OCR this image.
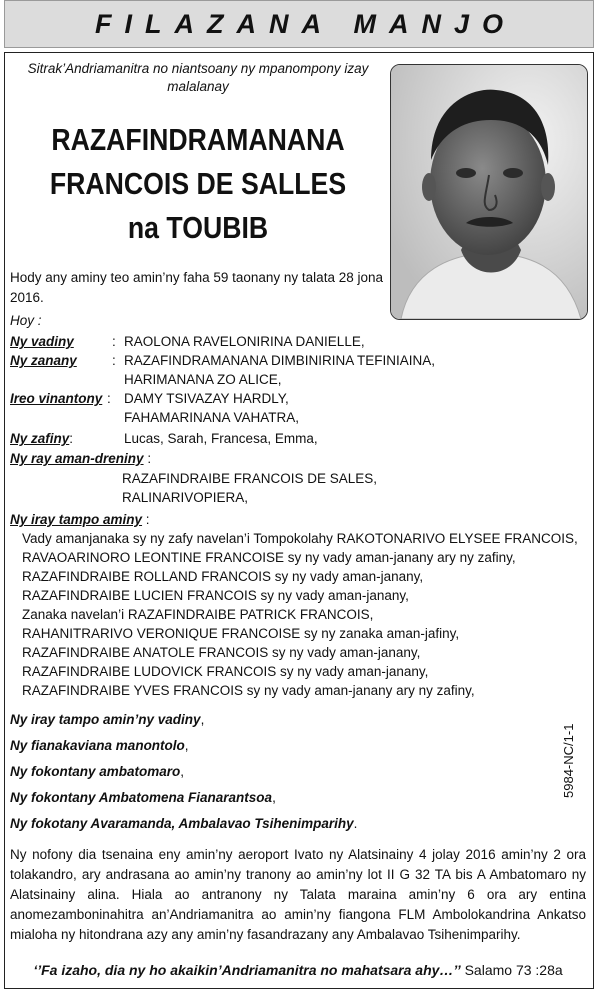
FILAZANA MANJO
Sitrak’Andriamanitra no niantsoany ny mpanompony izay malalanay
RAZAFINDRAMANANA
FRANCOIS DE SALLES
na TOUBIB
Hody any aminy teo amin’ny faha 59 taonany ny talata 28 jona 2016.
Hoy :
Ny vadiny	: RAOLONA RAVELONIRINA DANIELLE,
Ny zanany	: RAZAFINDRAMANANA DIMBINIRINA TEFINIAINA,
HARIMANANA ZO ALICE,
Ireo vinantony : DAMY TSIVAZAY HARDLY,
FAHAMARINANA VAHATRA,
Ny zafiny:	Lucas, Sarah, Francesa, Emma,
Ny ray aman-dreniny :
RAZAFINDRAIBE FRANCOIS DE SALES,
RALINARIVOPIERA,
Ny iray tampo aminy :
Vady amanjanaka sy ny zafy navelan’i Tompokolahy RAKOTONARIVO ELYSEE FRANCOIS,
RAVAOARINORO LEONTINE FRANCOISE sy ny vady aman-janany ary ny zafiny,
RAZAFINDRAIBE ROLLAND FRANCOIS sy ny vady aman-janany,
RAZAFINDRAIBE LUCIEN FRANCOIS sy ny vady aman-janany,
Zanaka navelan’i RAZAFINDRAIBE PATRICK FRANCOIS,
RAHANITRARIVO VERONIQUE FRANCOISE sy ny zanaka aman-jafiny,
RAZAFINDRAIBE ANATOLE FRANCOIS sy ny vady aman-janany,
RAZAFINDRAIBE LUDOVICK FRANCOIS sy ny vady aman-janany,
RAZAFINDRAIBE YVES FRANCOIS sy ny vady aman-janany ary ny zafiny,
Ny iray tampo amin’ny vadiny,
Ny fianakaviana manontolo,
Ny fokontany ambatomaro,
Ny fokontany Ambatomena Fianarantsoa,
Ny fokotany Avaramanda, Ambalavao Tsihenimparihy.
5984-NC/1-1
Ny nofony dia tsenaina eny amin’ny aeroport Ivato ny Alatsinainy 4 jolay 2016 amin’ny 2 ora tolakandro, ary andrasana ao amin’ny tranony ao amin’ny lot II G 32 TA bis A Ambatomaro ny Alatsinainy alina. Hiala ao antranony ny Talata maraina amin’ny 6 ora ary entina anomezamboninahitra an’Andriamanitra ao amin’ny fiangona FLM Ambolokandrina Ankatso mialoha ny hitondrana azy any amin’ny fasandrazany any Ambalavao Tsihenimparihy.
‘’Fa izaho, dia ny ho akaikin’Andriamanitra no mahatsara ahy…’’ Salamo 73 :28a
